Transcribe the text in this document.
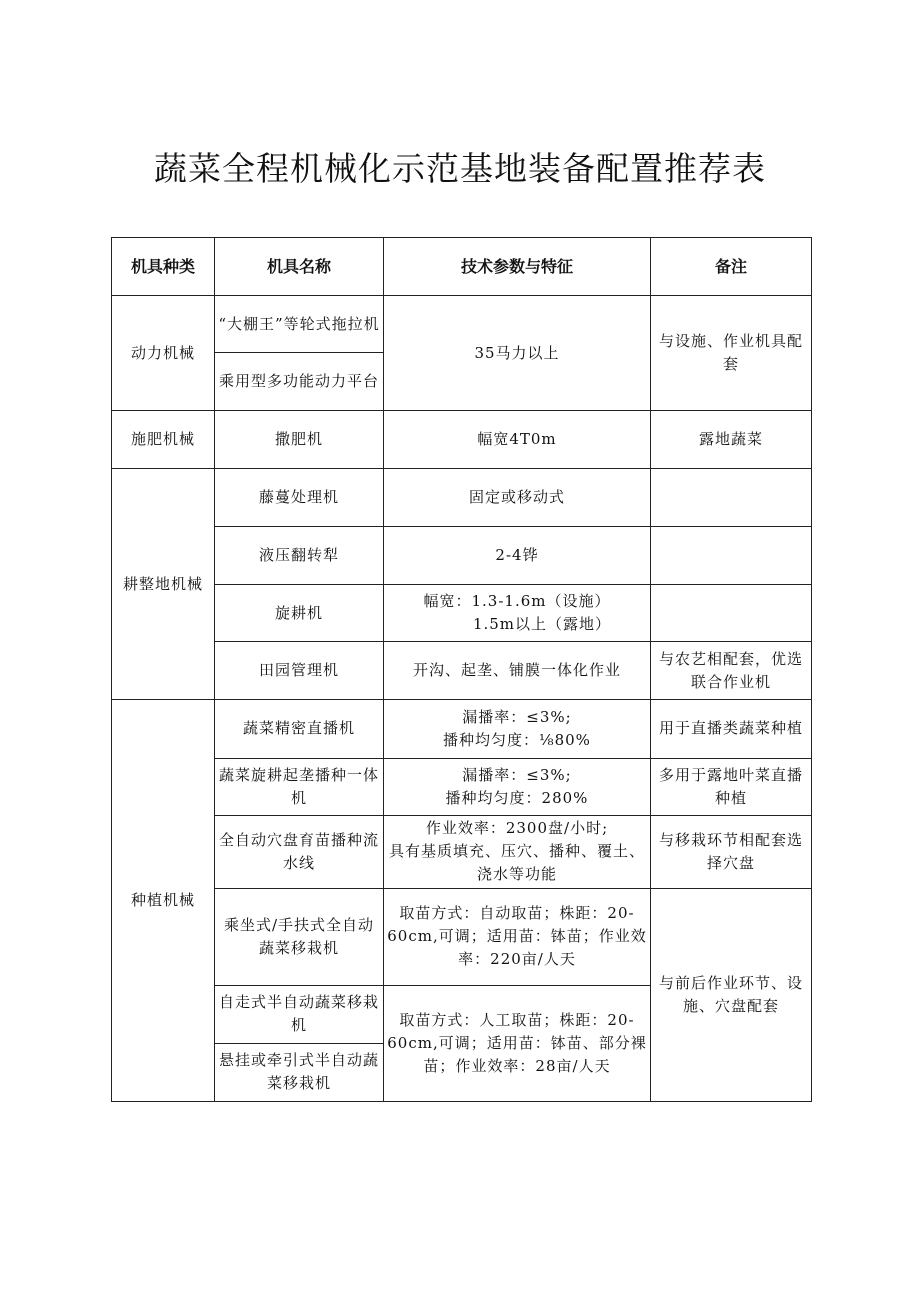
蔬菜全程机械化示范基地装备配置推荐表
机具种类	机具名称	技术参数与特征	备注
动力机械	“大棚王”等轮式拖拉机	35马力以上	与设施、作业机具配套
	乘用型多功能动力平台		
施肥机械	撒肥机	幅宽4T0m	露地蔬菜
耕整地机械	藤蔓处理机	固定或移动式	
	液压翻转犁	2-4铧	
	旋耕机	幅宽：1.3-1.6m（设施）
1.5m以上（露地）	

	田园管理机	开沟、起垄、铺膜一体化作业	与农艺相配套，优选联合作业机
种植机械	蔬菜精密直播机	漏播率：≤3%;
播种均匀度：⅛80%	用于直播类蔬菜种植
	蔬菜旋耕起垄播种一体机	漏播率：≤3%;
播种均匀度：280%	多用于露地叶菜直播种植
	全自动穴盘育苗播种流水线	作业效率：2300盘/小时;
具有基质填充、压穴、播种、覆土、浇水等功能	与移栽环节相配套选择穴盘
	乘坐式/手扶式全自动蔬菜移栽机	取苗方式：自动取苗；株距：20-60cm,可调；适用苗：钵苗；作业效率：220亩/人天	与前后作业环节、设施、穴盘配套
	自走式半自动蔬菜移栽机	取苗方式：人工取苗；株距：20-60cm,可调；适用苗：钵苗、部分裸苗；作业效率：28亩/人天	
	悬挂或牵引式半自动蔬菜移栽机		
